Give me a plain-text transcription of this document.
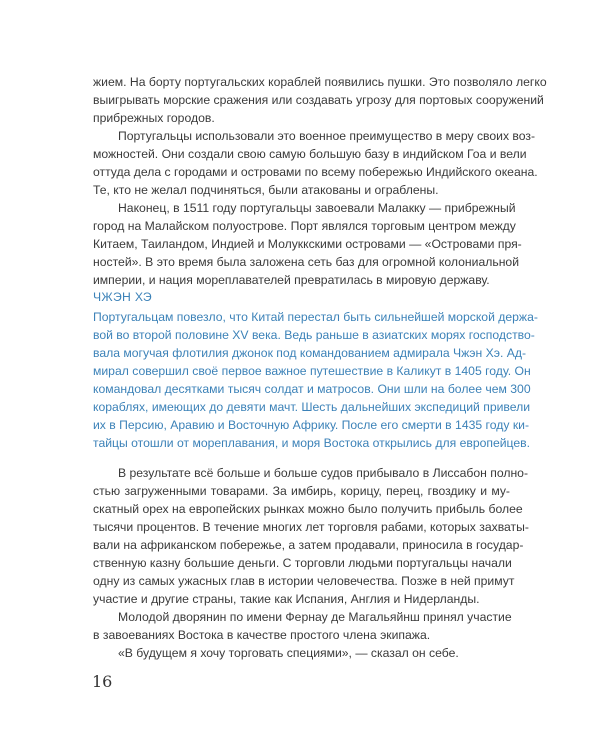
жием. На борту португальских кораблей появились пушки. Это позволяло легко
выигрывать морские сражения или создавать угрозу для портовых сооружений
прибрежных городов.
Португальцы использовали это военное преимущество в меру своих воз-
можностей. Они создали свою самую большую базу в индийском Гоа и вели
оттуда дела с городами и островами по всему побережью Индийского океана.
Те, кто не желал подчиняться, были атакованы и ограблены.
Наконец, в 1511 году португальцы завоевали Малакку — прибрежный
город на Малайском полуострове. Порт являлся торговым центром между
Китаем, Таиландом, Индией и Молуккскими островами — «Островами пря-
ностей». В это время была заложена сеть баз для огромной колониальной
империи, и нация мореплавателей превратилась в мировую державу.
ЧЖЭН ХЭ
Португальцам повезло, что Китай перестал быть сильнейшей морской держа-
вой во второй половине XV века. Ведь раньше в азиатских морях господство-
вала могучая флотилия джонок под командованием адмирала Чжэн Хэ. Ад-
мирал совершил своё первое важное путешествие в Каликут в 1405 году. Он
командовал десятками тысяч солдат и матросов. Они шли на более чем 300
кораблях, имеющих до девяти мачт. Шесть дальнейших экспедиций привели
их в Персию, Аравию и Восточную Африку. После его смерти в 1435 году ки-
тайцы отошли от мореплавания, и моря Востока открылись для европейцев.
В результате всё больше и больше судов прибывало в Лиссабон полно-
стью загруженными товарами. За имбирь, корицу, перец, гвоздику и му-
скатный орех на европейских рынках можно было получить прибыль более
тысячи процентов. В течение многих лет торговля рабами, которых захваты-
вали на африканском побережье, а затем продавали, приносила в государ-
ственную казну большие деньги. С торговли людьми португальцы начали
одну из самых ужасных глав в истории человечества. Позже в ней примут
участие и другие страны, такие как Испания, Англия и Нидерланды.
Молодой дворянин по имени Фернау де Магальяйнш принял участие
в завоеваниях Востока в качестве простого члена экипажа.
«В будущем я хочу торговать специями», — сказал он себе.
16
